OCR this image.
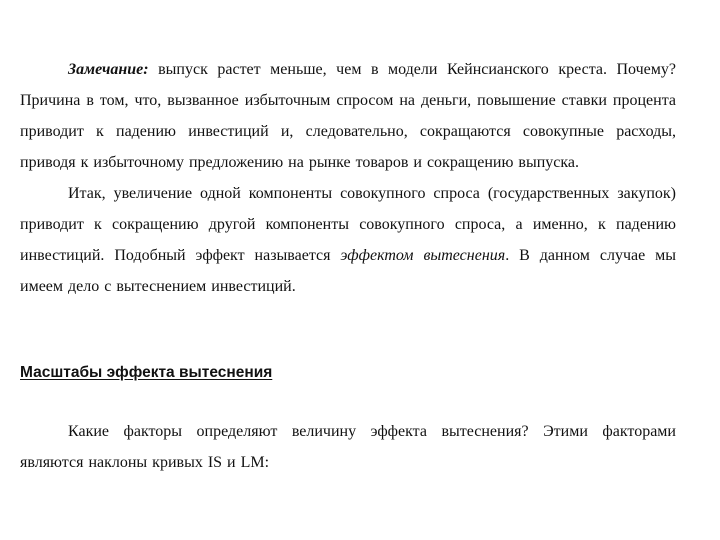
Замечание: выпуск растет меньше, чем в модели Кейнсианского креста. Почему? Причина в том, что, вызванное избыточным спросом на деньги, повышение ставки процента приводит к падению инвестиций и, следовательно, сокращаются совокупные расходы, приводя к избыточному предложению на рынке товаров и сокращению выпуска.

Итак, увеличение одной компоненты совокупного спроса (государственных закупок) приводит к сокращению другой компоненты совокупного спроса, а именно, к падению инвестиций. Подобный эффект называется эффектом вытеснения. В данном случае мы имеем дело с вытеснением инвестиций.

Масштабы эффекта вытеснения

Какие факторы определяют величину эффекта вытеснения? Этими факторами являются наклоны кривых IS и LM:
